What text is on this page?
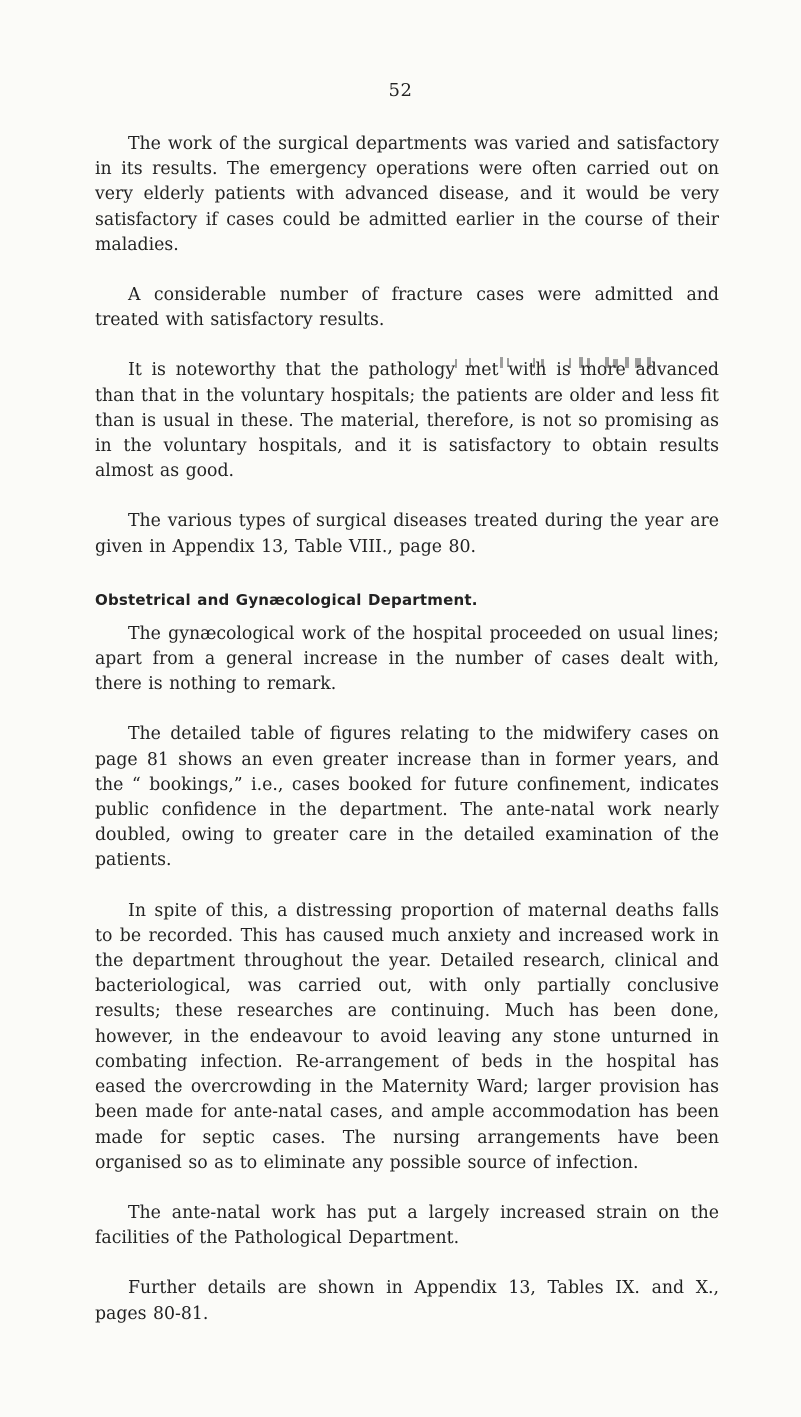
52

The work of the surgical departments was varied and satisfactory in its results. The emergency operations were often carried out on very elderly patients with advanced disease, and it would be very satisfactory if cases could be admitted earlier in the course of their maladies.

A considerable number of fracture cases were admitted and treated with satisfactory results.

It is noteworthy that the pathology met with is more advanced than that in the voluntary hospitals; the patients are older and less fit than is usual in these. The material, therefore, is not so promising as in the voluntary hospitals, and it is satisfactory to obtain results almost as good.

The various types of surgical diseases treated during the year are given in Appendix 13, Table VIII., page 80.

Obstetrical and Gynæcological Department.

The gynæcological work of the hospital proceeded on usual lines; apart from a general increase in the number of cases dealt with, there is nothing to remark.

The detailed table of figures relating to the midwifery cases on page 81 shows an even greater increase than in former years, and the “ bookings,” i.e., cases booked for future confinement, indicates public confidence in the department. The ante-natal work nearly doubled, owing to greater care in the detailed examination of the patients.

In spite of this, a distressing proportion of maternal deaths falls to be recorded. This has caused much anxiety and increased work in the department throughout the year. Detailed research, clinical and bacteriological, was carried out, with only partially conclusive results; these researches are continuing. Much has been done, however, in the endeavour to avoid leaving any stone unturned in combating infection. Re-arrangement of beds in the hospital has eased the overcrowding in the Maternity Ward; larger provision has been made for ante-natal cases, and ample accommodation has been made for septic cases. The nursing arrangements have been organised so as to eliminate any possible source of infection.

The ante-natal work has put a largely increased strain on the facilities of the Pathological Department.

Further details are shown in Appendix 13, Tables IX. and X., pages 80-81.
